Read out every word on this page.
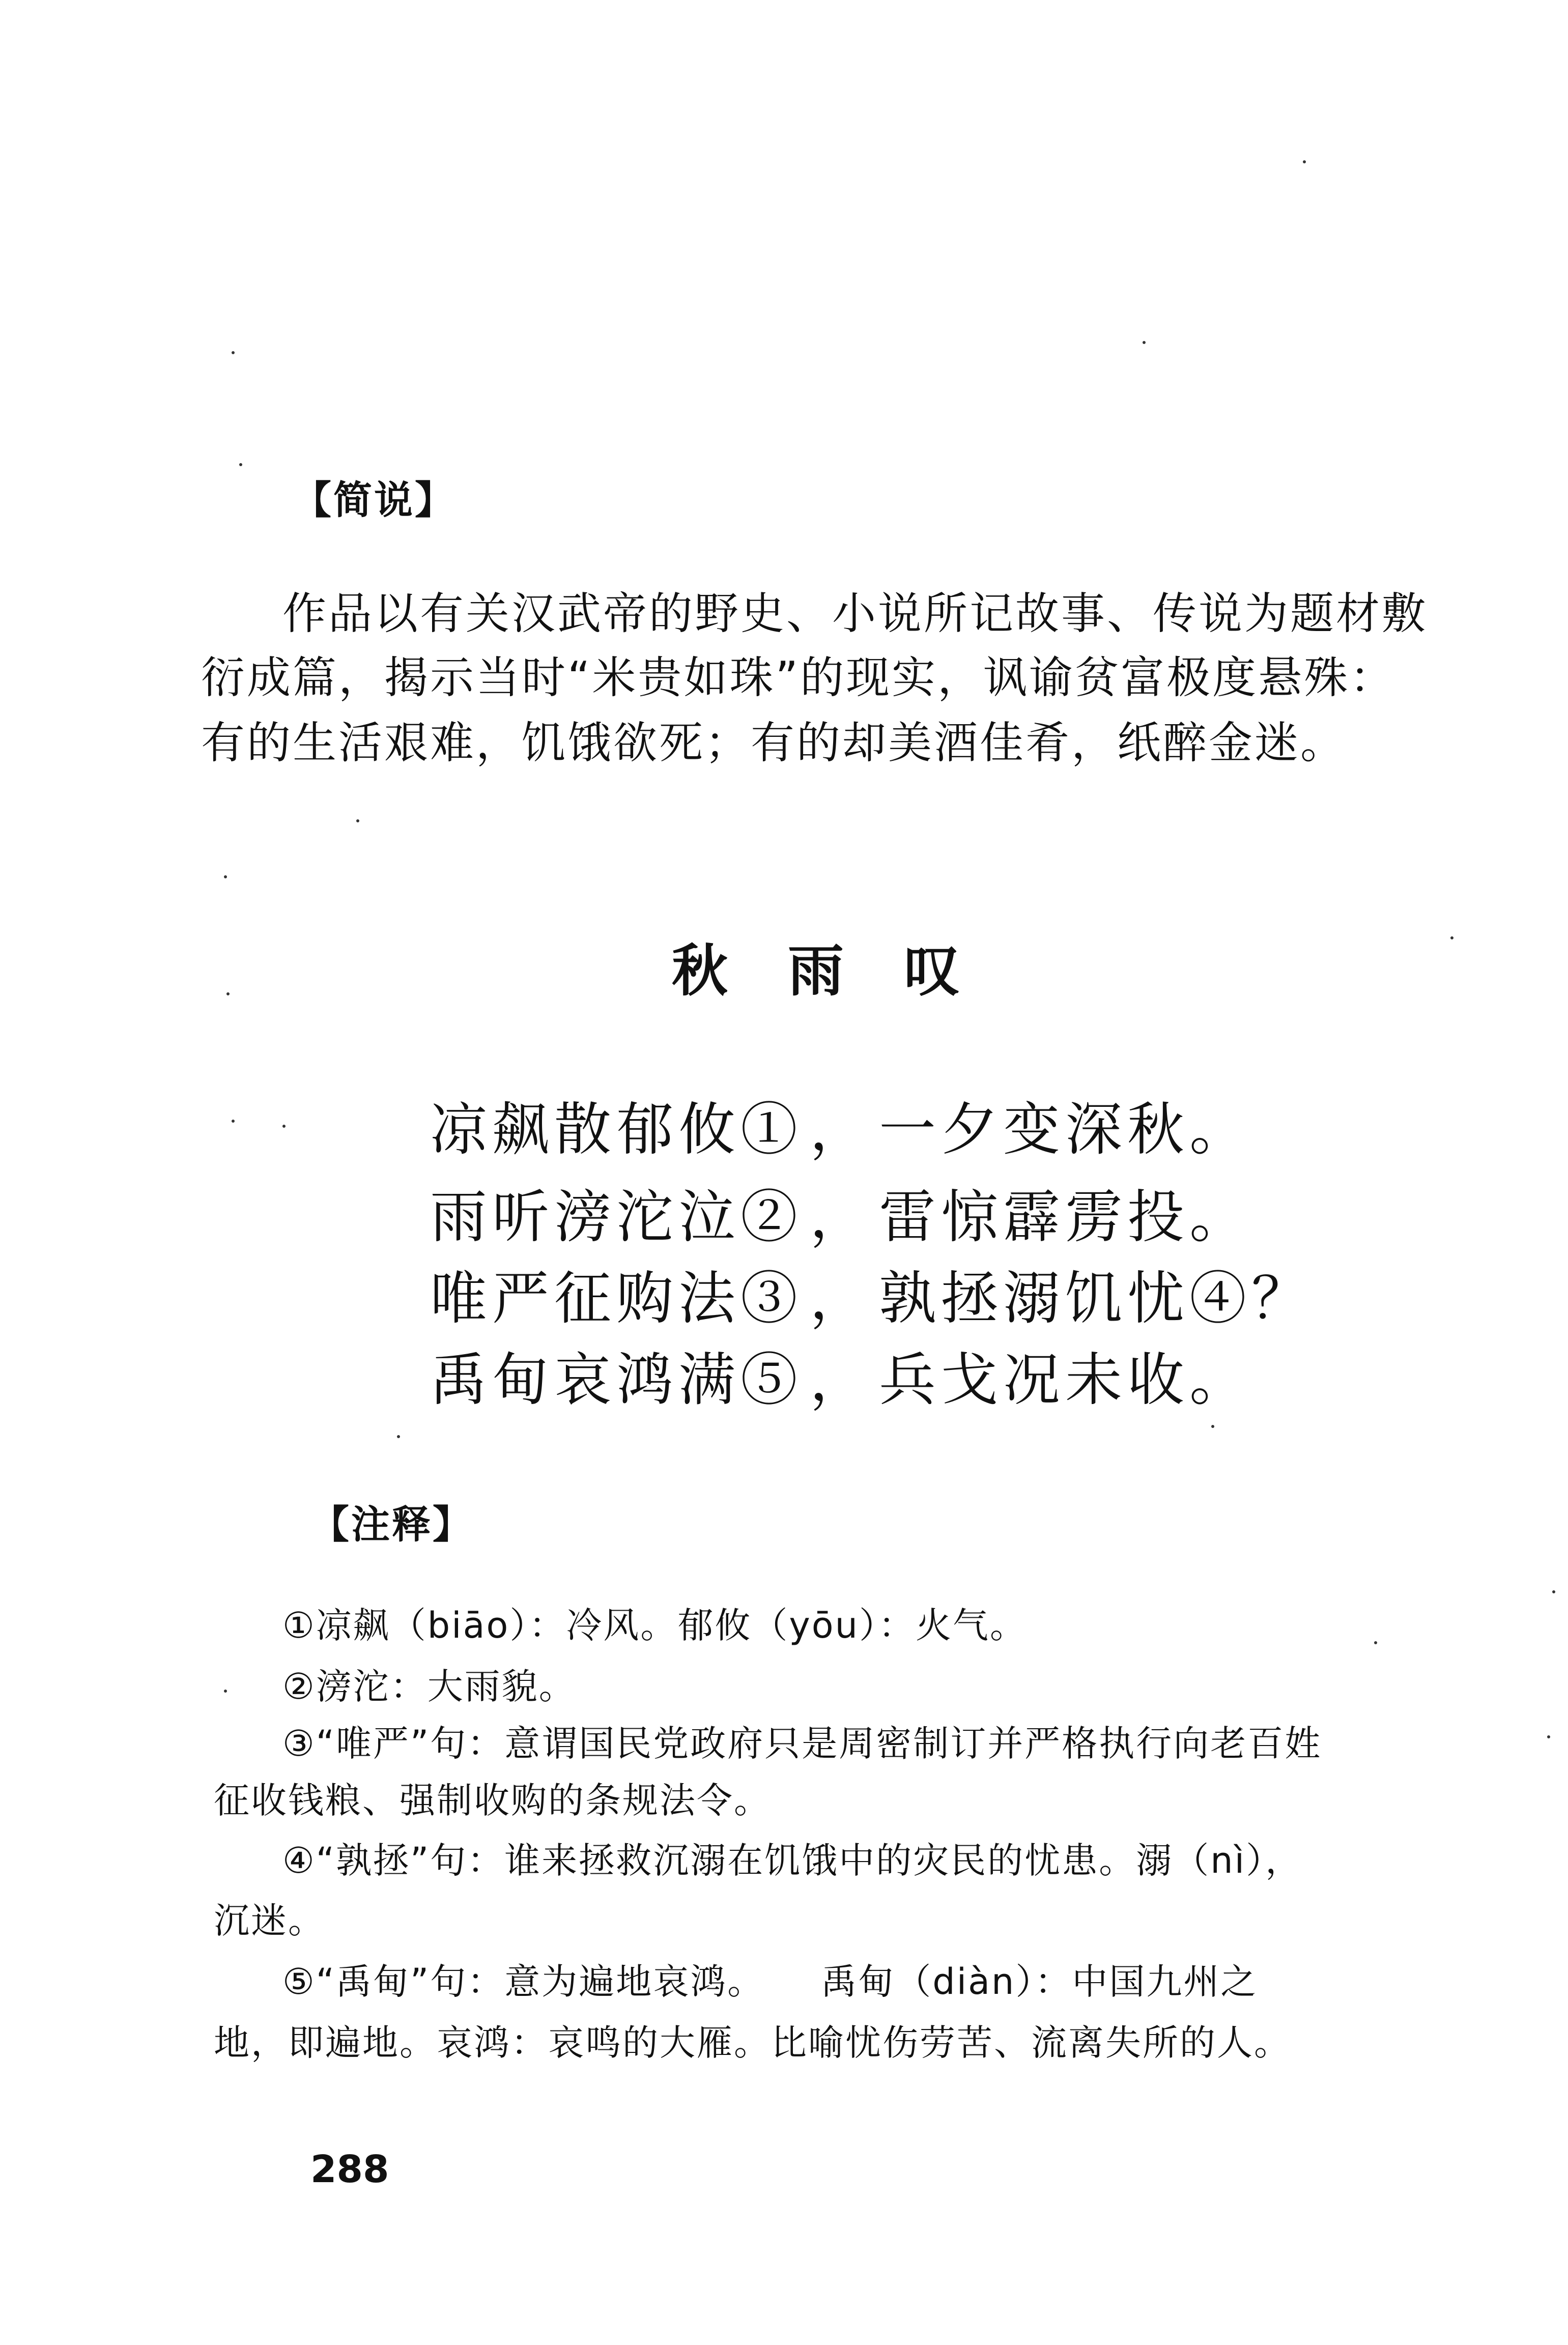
【简说】
作品以有关汉武帝的野史、小说所记故事、传说为题材敷
衍成篇，揭示当时“米贵如珠”的现实，讽谕贫富极度悬殊：
有的生活艰难，饥饿欲死；有的却美酒佳肴，纸醉金迷。
秋 雨 叹
凉飙散郁攸① ， 一夕变深秋。
雨听滂沱泣② ， 雷惊霹雳投。
唯严征购法③ ， 孰拯溺饥忧④？
禹甸哀鸿满⑤ ， 兵戈况未收。
【注释】
①凉飙（biāo）：冷风。郁攸（yōu）：火气。
②滂沱：大雨貌。
③“唯严”句：意谓国民党政府只是周密制订并严格执行向老百姓
征收钱粮、强制收购的条规法令。
④“孰拯”句：谁来拯救沉溺在饥饿中的灾民的忧患。溺（nì），
沉迷。
⑤“禹甸”句：意为遍地哀鸿。　　禹甸（diàn）：中国九州之
地，即遍地。哀鸿：哀鸣的大雁。比喻忧伤劳苦、流离失所的人。
288
